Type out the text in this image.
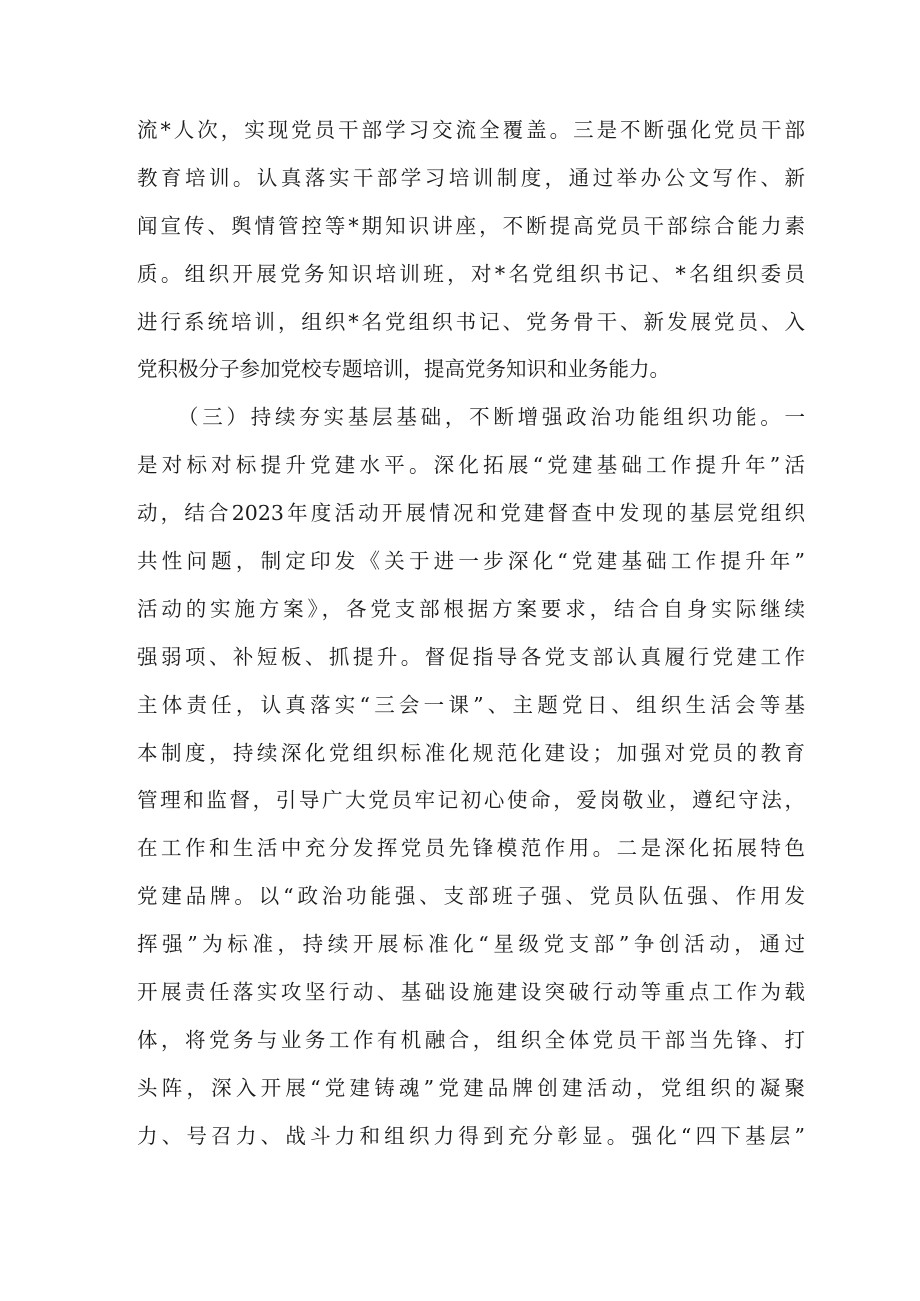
流*人次，实现党员干部学习交流全覆盖。三是不断强化党员干部
教育培训。认真落实干部学习培训制度，通过举办公文写作、新
闻宣传、舆情管控等*期知识讲座，不断提高党员干部综合能力素
质。组织开展党务知识培训班，对*名党组织书记、*名组织委员
进行系统培训，组织*名党组织书记、党务骨干、新发展党员、入
党积极分子参加党校专题培训，提高党务知识和业务能力。
（三）持续夯实基层基础，不断增强政治功能组织功能。一
是对标对标提升党建水平。深化拓展“党建基础工作提升年”活
动，结合2023年度活动开展情况和党建督查中发现的基层党组织
共性问题，制定印发《关于进一步深化“党建基础工作提升年”
活动的实施方案》，各党支部根据方案要求，结合自身实际继续
强弱项、补短板、抓提升。督促指导各党支部认真履行党建工作
主体责任，认真落实“三会一课”、主题党日、组织生活会等基
本制度，持续深化党组织标准化规范化建设；加强对党员的教育
管理和监督，引导广大党员牢记初心使命，爱岗敬业，遵纪守法，
在工作和生活中充分发挥党员先锋模范作用。二是深化拓展特色
党建品牌。以“政治功能强、支部班子强、党员队伍强、作用发
挥强”为标准，持续开展标准化“星级党支部”争创活动，通过
开展责任落实攻坚行动、基础设施建设突破行动等重点工作为载
体，将党务与业务工作有机融合，组织全体党员干部当先锋、打
头阵，深入开展“党建铸魂”党建品牌创建活动，党组织的凝聚
力、号召力、战斗力和组织力得到充分彰显。强化“四下基层”
